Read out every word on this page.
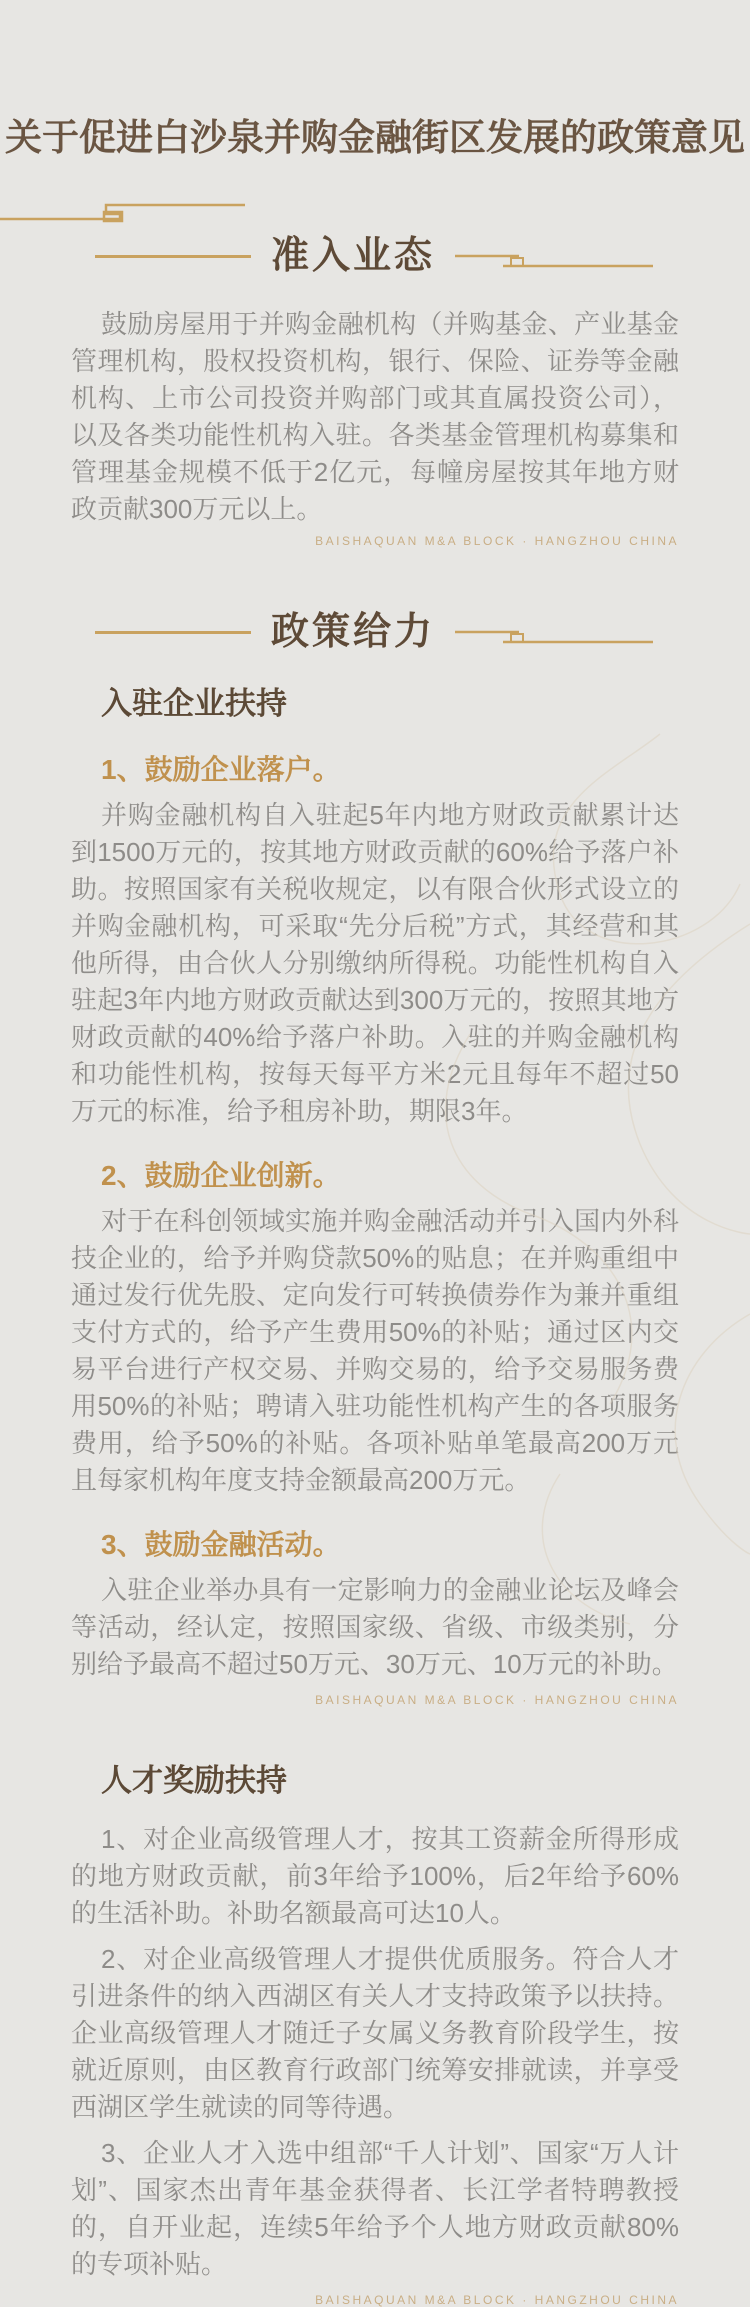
关于促进白沙泉并购金融街区发展的政策意见
准入业态

鼓励房屋用于并购金融机构（并购基金、产业基金管理机构，股权投资机构，银行、保险、证券等金融机构、上市公司投资并购部门或其直属投资公司），以及各类功能性机构入驻。各类基金管理机构募集和管理基金规模不低于2亿元，每幢房屋按其年地方财政贡献300万元以上。

BAISHAQUAN M&A BLOCK · HANGZHOU CHINA
政策给力
入驻企业扶持
1、鼓励企业落户。

并购金融机构自入驻起5年内地方财政贡献累计达到1500万元的，按其地方财政贡献的60%给予落户补助。按照国家有关税收规定，以有限合伙形式设立的并购金融机构，可采取“先分后税”方式，其经营和其他所得，由合伙人分别缴纳所得税。功能性机构自入驻起3年内地方财政贡献达到300万元的，按照其地方财政贡献的40%给予落户补助。入驻的并购金融机构和功能性机构，按每天每平方米2元且每年不超过50万元的标准，给予租房补助，期限3年。

2、鼓励企业创新。

对于在科创领域实施并购金融活动并引入国内外科技企业的，给予并购贷款50%的贴息；在并购重组中通过发行优先股、定向发行可转换债券作为兼并重组支付方式的，给予产生费用50%的补贴；通过区内交易平台进行产权交易、并购交易的，给予交易服务费用50%的补贴；聘请入驻功能性机构产生的各项服务费用，给予50%的补贴。各项补贴单笔最高200万元且每家机构年度支持金额最高200万元。

3、鼓励金融活动。

入驻企业举办具有一定影响力的金融业论坛及峰会等活动，经认定，按照国家级、省级、市级类别，分别给予最高不超过50万元、30万元、10万元的补助。

BAISHAQUAN M&A BLOCK · HANGZHOU CHINA
人才奖励扶持

1、对企业高级管理人才，按其工资薪金所得形成的地方财政贡献，前3年给予100%，后2年给予60%的生活补助。补助名额最高可达10人。

2、对企业高级管理人才提供优质服务。符合人才引进条件的纳入西湖区有关人才支持政策予以扶持。企业高级管理人才随迁子女属义务教育阶段学生，按就近原则，由区教育行政部门统筹安排就读，并享受西湖区学生就读的同等待遇。

3、企业人才入选中组部“千人计划”、国家“万人计划”、国家杰出青年基金获得者、长江学者特聘教授的，自开业起，连续5年给予个人地方财政贡献80%的专项补贴。

BAISHAQUAN M&A BLOCK · HANGZHOU CHINA
